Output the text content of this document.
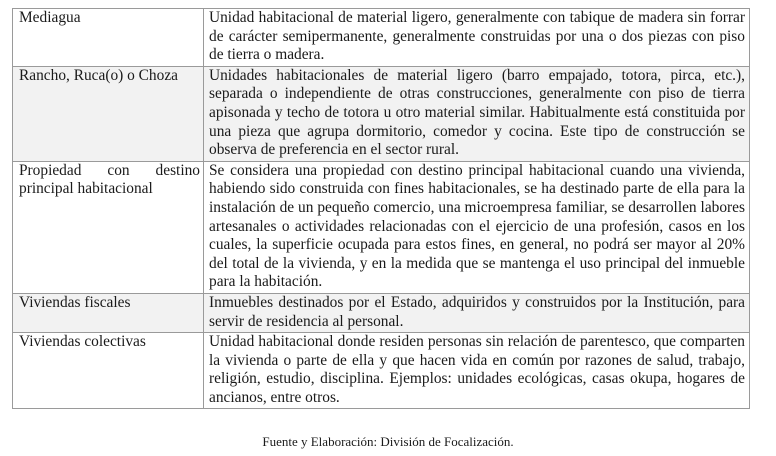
Mediagua	Unidad habitacional de material ligero, generalmente con tabique de madera sin forrar de carácter semipermanente, generalmente construidas por una o dos piezas con piso de tierra o madera.
Rancho, Ruca(o) o Choza	Unidades habitacionales de material ligero (barro empajado, totora, pirca, etc.), separada o independiente de otras construcciones, generalmente con piso de tierra apisonada y techo de totora u otro material similar. Habitualmente está constituida por una pieza que agrupa dormitorio, comedor y cocina. Este tipo de construcción se observa de preferencia en el sector rural.
Propiedad con destino principal habitacional	Se considera una propiedad con destino principal habitacional cuando una vivienda, habiendo sido construida con fines habitacionales, se ha destinado parte de ella para la instalación de un pequeño comercio, una microempresa familiar, se desarrollen labores artesanales o actividades relacionadas con el ejercicio de una profesión, casos en los cuales, la superficie ocupada para estos fines, en general, no podrá ser mayor al 20% del total de la vivienda, y en la medida que se mantenga el uso principal del inmueble para la habitación.
Viviendas fiscales	Inmuebles destinados por el Estado, adquiridos y construidos por la Institución, para servir de residencia al personal.
Viviendas colectivas	Unidad habitacional donde residen personas sin relación de parentesco, que comparten la vivienda o parte de ella y que hacen vida en común por razones de salud, trabajo, religión, estudio, disciplina. Ejemplos: unidades ecológicas, casas okupa, hogares de ancianos, entre otros.
Fuente y Elaboración: División de Focalización.
